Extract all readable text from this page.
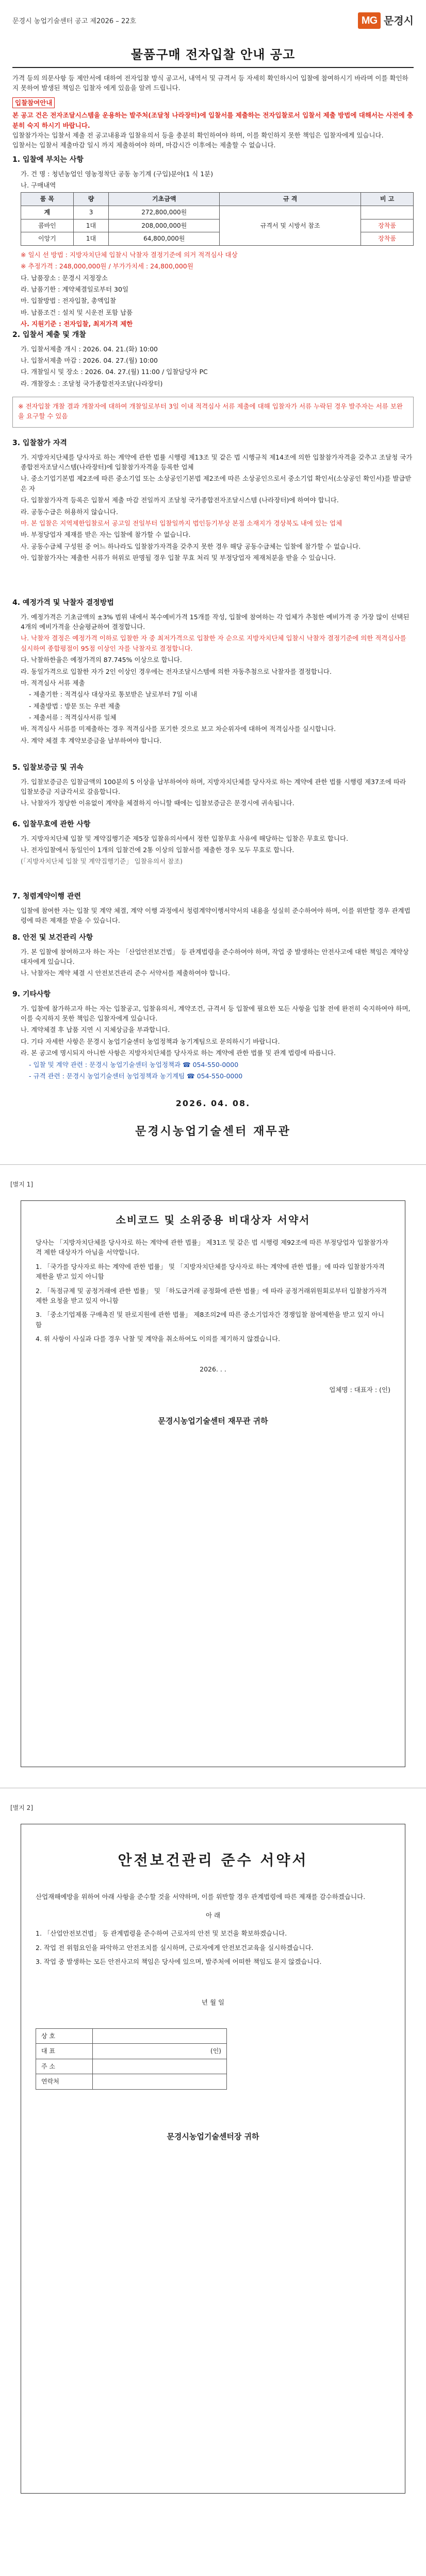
문경시 농업기술센터 공고 제2026 – 22호	MG 문경시
물품구매 전자입찰 안내 공고

가격 등의 의문사항 등 제안서에 대하여 전자입찰 방식 공고서, 내역서 및 규격서 등 자세히 확인하시어 입찰에 참여하시기 바라며 이를 확인하지 못하여 발생된 책임은 입찰자 에게 있음을 알려 드립니다.

입찰참여안내

본 공고 건은 전자조달시스템을 운용하는 발주처(조달청 나라장터)에 입찰서를 제출하는 전자입찰로서 입찰서 제출 방법에 대해서는 사전에 충분히 숙지 하시기 바랍니다.

입찰참가자는 입찰서 제출 전 공고내용과 입찰유의서 등을 충분히 확인하여야 하며, 이를 확인하지 못한 책임은 입찰자에게 있습니다.

입찰서는 입찰서 제출마감 일시 까지 제출하여야 하며, 마감시간 이후에는 제출할 수 없습니다.

1. 입찰에 부치는 사항

가. 건 명 : 청년농업인 영농정착단 공동 농기계 (구입)분야(1 식 1분)

나. 구매내역

품 목	량	기초금액	규 격	비 고
계	3	272,800,000원	규격서 및 시방서 참조	
콤바인	1대	208,000,000원		장착품
이앙기	1대	64,800,000원		장착품

※ 일시 선 방법 : 지방자치단체 입찰시 낙찰자 결정기준에 의거 적격심사 대상

※ 추정가격 : 248,000,000원 / 부가가치세 : 24,800,000원

다. 납품장소 : 문경시 지정장소

라. 납품기한 : 계약체결일로부터 30일

마. 입찰방법 : 전자입찰, 총액입찰

바. 납품조건 : 설치 및 시운전 포함 납품

사. 지원기준 : 전자입찰, 최저가격 제한

2. 입찰서 제출 및 개찰

가. 입찰서제출 개시 : 2026. 04. 21.(화) 10:00

나. 입찰서제출 마감 : 2026. 04. 27.(월) 10:00

다. 개찰일시 및 장소 : 2026. 04. 27.(월) 11:00 / 입찰담당자 PC

라. 개찰장소 : 조달청 국가종합전자조달(나라장터)

※ 전자입찰 개찰 결과 개찰자에 대하여 개찰일로부터 3일 이내 적격심사 서류 제출에 대해 입찰자가 서류 누락된 경우 발주자는 서류 보완을 요구할 수 있음

3. 입찰참가 자격

가. 지방자치단체를 당사자로 하는 계약에 관한 법률 시행령 제13조 및 같은 법 시행규칙 제14조에 의한 입찰참가자격을 갖추고 조달청 국가종합전자조달시스템(나라장터)에 입찰참가자격을 등록한 업체

나. 중소기업기본법 제2조에 따른 중소기업 또는 소상공인기본법 제2조에 따른 소상공인으로서 중소기업 확인서(소상공인 확인서)를 발급받은 자

다. 입찰참가자격 등록은 입찰서 제출 마감 전일까지 조달청 국가종합전자조달시스템 (나라장터)에 하여야 합니다.

라. 공동수급은 허용하지 않습니다.

마. 본 입찰은 지역제한입찰로서 공고일 전일부터 입찰일까지 법인등기부상 본점 소재지가 경상북도 내에 있는 업체

바. 부정당업자 제재를 받은 자는 입찰에 참가할 수 없습니다.

사. 공동수급체 구성원 중 어느 하나라도 입찰참가자격을 갖추지 못한 경우 해당 공동수급체는 입찰에 참가할 수 없습니다.

아. 입찰참가자는 제출한 서류가 허위로 판명될 경우 입찰 무효 처리 및 부정당업자 제재처분을 받을 수 있습니다.

4. 예정가격 및 낙찰자 결정방법

가. 예정가격은 기초금액의 ±3% 범위 내에서 복수예비가격 15개를 작성, 입찰에 참여하는 각 업체가 추첨한 예비가격 중 가장 많이 선택된 4개의 예비가격을 산술평균하여 결정합니다.

나. 낙찰자 결정은 예정가격 이하로 입찰한 자 중 최저가격으로 입찰한 자 순으로 지방자치단체 입찰시 낙찰자 결정기준에 의한 적격심사를 실시하여 종합평점이 95점 이상인 자를 낙찰자로 결정합니다.

다. 낙찰하한율은 예정가격의 87.745% 이상으로 합니다.

라. 동일가격으로 입찰한 자가 2인 이상인 경우에는 전자조달시스템에 의한 자동추첨으로 낙찰자를 결정합니다.

마. 적격심사 서류 제출

- 제출기한 : 적격심사 대상자로 통보받은 날로부터 7일 이내

- 제출방법 : 방문 또는 우편 제출

- 제출서류 : 적격심사서류 일체

바. 적격심사 서류를 미제출하는 경우 적격심사를 포기한 것으로 보고 차순위자에 대하여 적격심사를 실시합니다.

사. 계약 체결 후 계약보증금을 납부하여야 합니다.

5. 입찰보증금 및 귀속

가. 입찰보증금은 입찰금액의 100분의 5 이상을 납부하여야 하며, 지방자치단체를 당사자로 하는 계약에 관한 법률 시행령 제37조에 따라 입찰보증금 지급각서로 갈음합니다.

나. 낙찰자가 정당한 이유없이 계약을 체결하지 아니할 때에는 입찰보증금은 문경시에 귀속됩니다.

6. 입찰무효에 관한 사항

가. 지방자치단체 입찰 및 계약집행기준 제5장 입찰유의서에서 정한 입찰무효 사유에 해당하는 입찰은 무효로 합니다.

나. 전자입찰에서 동일인이 1개의 입찰건에 2통 이상의 입찰서를 제출한 경우 모두 무효로 합니다.

(「지방자치단체 입찰 및 계약집행기준」 입찰유의서 참조)

7. 청렴계약이행 관련

입찰에 참여한 자는 입찰 및 계약 체결, 계약 이행 과정에서 청렴계약이행서약서의 내용을 성실히 준수하여야 하며, 이를 위반할 경우 관계법령에 따른 제재를 받을 수 있습니다.

8. 안전 및 보건관리 사항

가. 본 입찰에 참여하고자 하는 자는 「산업안전보건법」 등 관계법령을 준수하여야 하며, 작업 중 발생하는 안전사고에 대한 책임은 계약상대자에게 있습니다.

나. 낙찰자는 계약 체결 시 안전보건관리 준수 서약서를 제출하여야 합니다.

9. 기타사항

가. 입찰에 참가하고자 하는 자는 입찰공고, 입찰유의서, 계약조건, 규격서 등 입찰에 필요한 모든 사항을 입찰 전에 완전히 숙지하여야 하며, 이를 숙지하지 못한 책임은 입찰자에게 있습니다.

나. 계약체결 후 납품 지연 시 지체상금을 부과합니다.

다. 기타 자세한 사항은 문경시 농업기술센터 농업정책과 농기계팀으로 문의하시기 바랍니다.

라. 본 공고에 명시되지 아니한 사항은 지방자치단체를 당사자로 하는 계약에 관한 법률 및 관계 법령에 따릅니다.

- 입찰 및 계약 관련 : 문경시 농업기술센터 농업정책과 ☎ 054-550-0000

- 규격 관련 : 문경시 농업기술센터 농업정책과 농기계팀 ☎ 054-550-0000

2026. 04. 08.
문경시농업기술센터 재무관
[별지 1]
소비코드 및 소위중용 비대상자 서약서

당사는 「지방자치단체를 당사자로 하는 계약에 관한 법률」 제31조 및 같은 법 시행령 제92조에 따른 부정당업자 입찰참가자격 제한 대상자가 아님을 서약합니다.

1. 「국가를 당사자로 하는 계약에 관한 법률」 및 「지방자치단체를 당사자로 하는 계약에 관한 법률」에 따라 입찰참가자격 제한을 받고 있지 아니함

2. 「독점규제 및 공정거래에 관한 법률」 및 「하도급거래 공정화에 관한 법률」에 따라 공정거래위원회로부터 입찰참가자격 제한 요청을 받고 있지 아니함

3. 「중소기업제품 구매촉진 및 판로지원에 관한 법률」 제8조의2에 따른 중소기업자간 경쟁입찰 참여제한을 받고 있지 아니함

4. 위 사항이 사실과 다를 경우 낙찰 및 계약을 취소하여도 이의를 제기하지 않겠습니다.

2026. . .

업체명 : 대표자 : (인)

문경시농업기술센터 재무관 귀하

[별지 2]
안전보건관리 준수 서약서

산업재해예방을 위하여 아래 사항을 준수할 것을 서약하며, 이를 위반할 경우 관계법령에 따른 제재를 감수하겠습니다.

아 래

1. 「산업안전보건법」 등 관계법령을 준수하여 근로자의 안전 및 보건을 확보하겠습니다.

2. 작업 전 위험요인을 파악하고 안전조치를 실시하며, 근로자에게 안전보건교육을 실시하겠습니다.

3. 작업 중 발생하는 모든 안전사고의 책임은 당사에 있으며, 발주처에 어떠한 책임도 묻지 않겠습니다.

년 월 일

상 호	
대 표	(인)
주 소	
연락처	

문경시농업기술센터장 귀하
